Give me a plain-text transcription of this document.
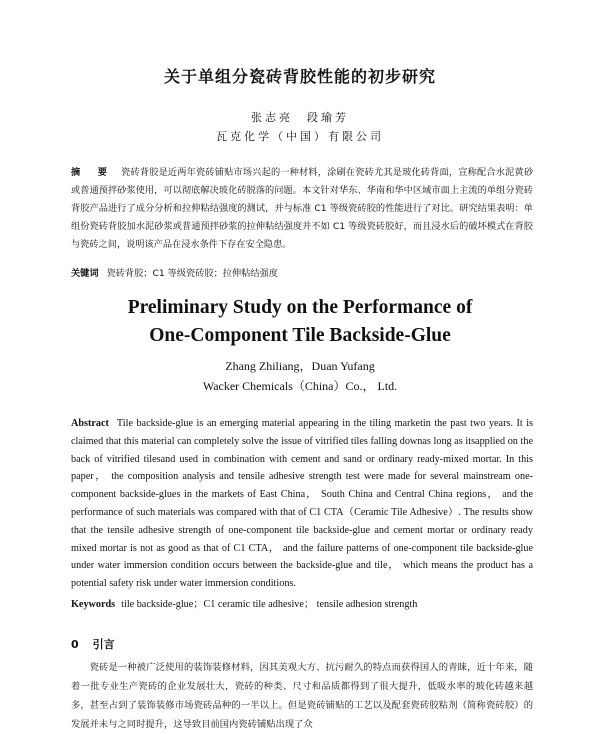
关于单组分瓷砖背胶性能的初步研究
张志亮　段瑜芳
瓦克化学（中国）有限公司

摘　要 瓷砖背胶是近两年瓷砖铺贴市场兴起的一种材料，涂刷在瓷砖尤其是玻化砖背面，宣称配合水泥黄砂或普通预拌砂浆使用，可以彻底解决玻化砖脱落的问题。本文针对华东、华南和华中区域市面上主流的单组分瓷砖背胶产品进行了成分分析和拉伸粘结强度的测试，并与标准 C1 等级瓷砖胶的性能进行了对比。研究结果表明：单组份瓷砖背胶加水泥砂浆或普通预拌砂浆的拉伸粘结强度并不如 C1 等级瓷砖胶好，而且浸水后的破坏模式在背胶与瓷砖之间，说明该产品在浸水条件下存在安全隐患。

关键词 瓷砖背胶；C1 等级瓷砖胶；拉伸粘结强度

Preliminary Study on the Performance of
One-Component Tile Backside-Glue
Zhang Zhiliang，Duan Yufang
Wacker Chemicals（China）Co.， Ltd.

Abstract Tile backside-glue is an emerging material appearing in the tiling marketin the past two years. It is claimed that this material can completely solve the issue of vitrified tiles falling downas long as itsapplied on the back of vitrified tilesand used in combination with cement and sand or ordinary ready-mixed mortar. In this paper， the composition analysis and tensile adhesive strength test were made for several mainstream one-component backside-glues in the markets of East China， South China and Central China regions， and the performance of such materials was compared with that of C1 CTA（Ceramic Tile Adhesive）. The results show that the tensile adhesive strength of one-component tile backside-glue and cement mortar or ordinary ready mixed mortar is not as good as that of C1 CTA， and the failure patterns of one-component tile backside-glue under water immersion condition occurs between the backside-glue and tile， which means the product has a potential safety risk under water immersion conditions.

Keywords tile backside-glue；C1 ceramic tile adhesive； tensile adhesion strength

0 引言

瓷砖是一种被广泛使用的装饰装修材料，因其美观大方、抗污耐久的特点而获得国人的青睐，近十年来，随着一批专业生产瓷砖的企业发展壮大，瓷砖的种类、尺寸和品质都得到了很大提升，低吸水率的玻化砖越来越多，甚至占到了装饰装修市场瓷砖品种的一半以上。但是瓷砖铺贴的工艺以及配套瓷砖胶粘剂（简称瓷砖胶）的发展并未与之同时提升，这导致目前国内瓷砖铺贴出现了众
